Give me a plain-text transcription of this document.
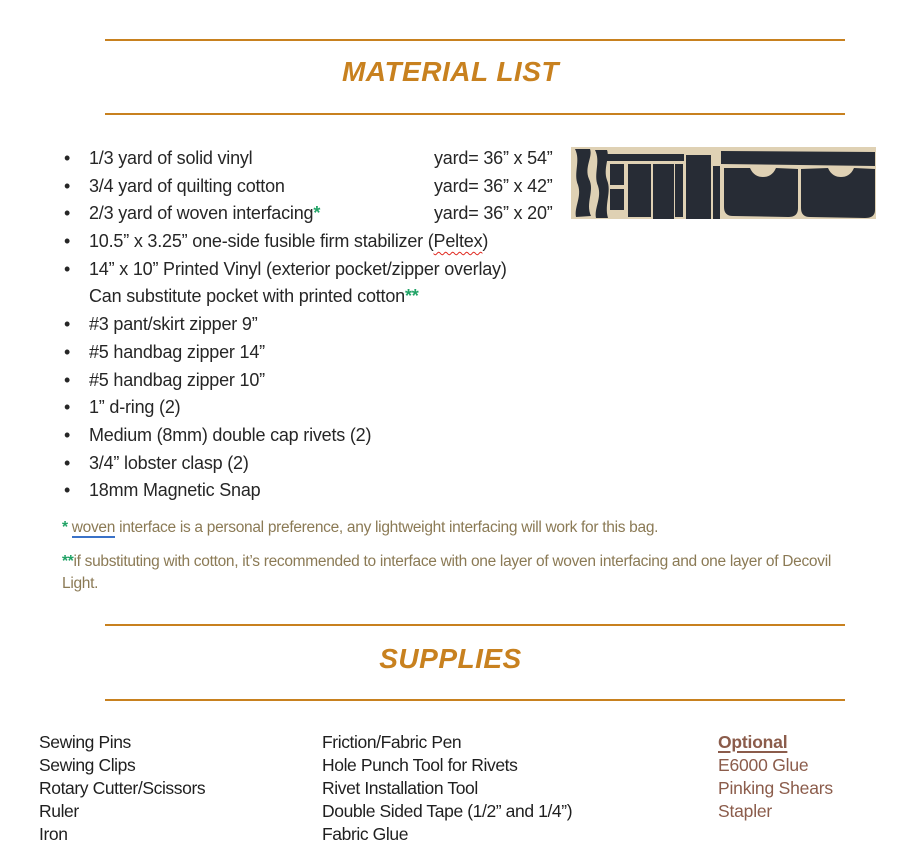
MATERIAL LIST
• 1/3 yard of solid vinyl	yard= 36” x 54”
• 3/4 yard of quilting cotton	yard= 36” x 42”
• 2/3 yard of woven interfacing*	yard= 36” x 20”
• 10.5” x 3.25” one-side fusible firm stabilizer (Peltex)
• 14” x 10” Printed Vinyl (exterior pocket/zipper overlay)
Can substitute pocket with printed cotton**
• #3 pant/skirt zipper 9”
• #5 handbag zipper 14”
• #5 handbag zipper 10”
• 1” d-ring (2)
• Medium (8mm) double cap rivets (2)
• 3/4” lobster clasp (2)
• 18mm Magnetic Snap
* woven interface is a personal preference, any lightweight interfacing will work for this bag.
**if substituting with cotton, it’s recommended to interface with one layer of woven interfacing and one layer of Decovil Light.
SUPPLIES
Sewing Pins
Sewing Clips
Rotary Cutter/Scissors
Ruler
Iron
Friction/Fabric Pen
Hole Punch Tool for Rivets
Rivet Installation Tool
Double Sided Tape (1/2” and 1/4”)
Fabric Glue
Optional
E6000 Glue
Pinking Shears
Stapler
